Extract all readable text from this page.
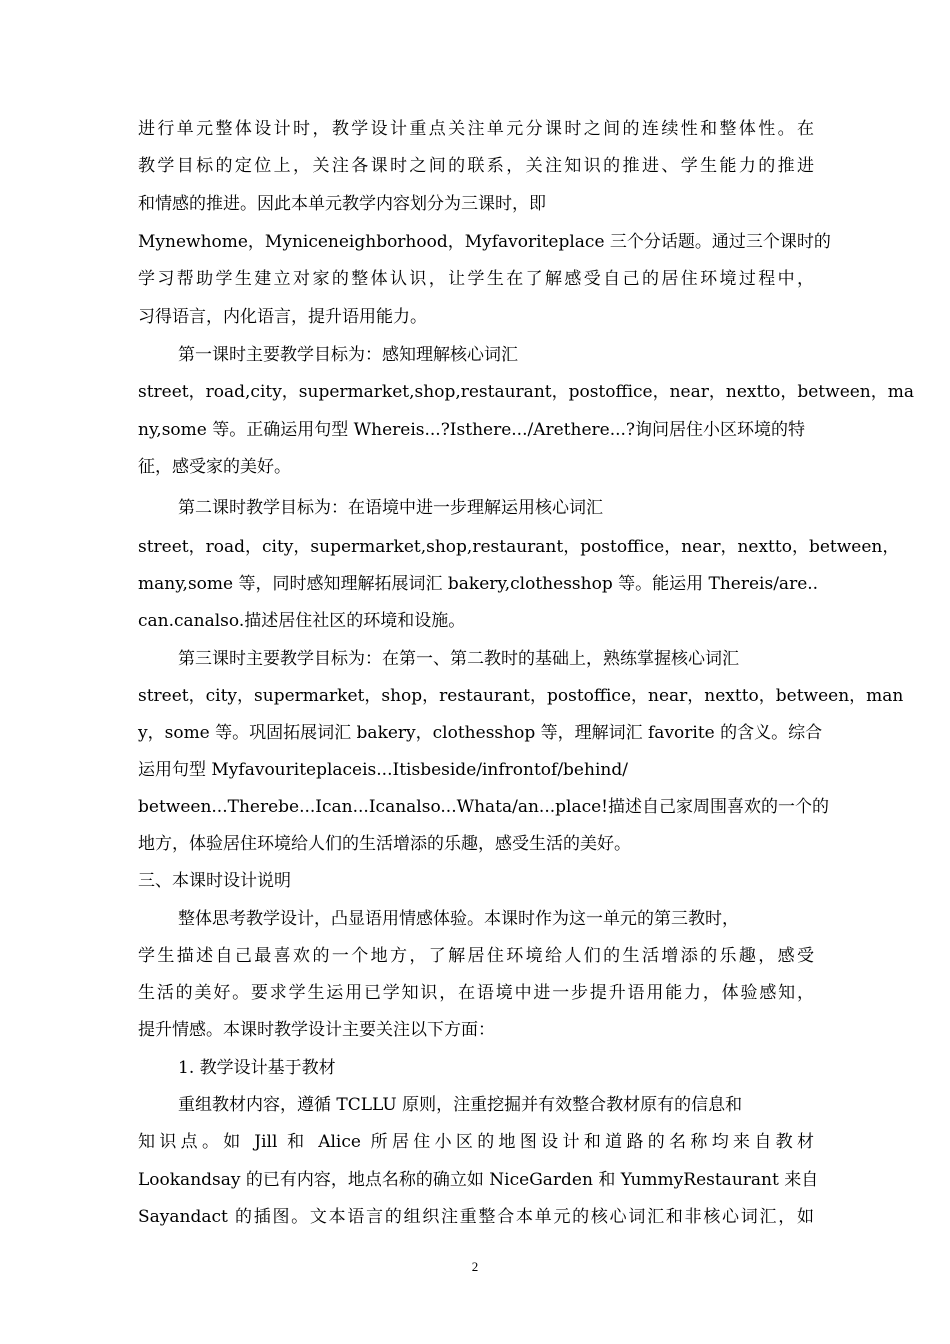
进行单元整体设计时，教学设计重点关注单元分课时之间的连续性和整体性。在
教学目标的定位上，关注各课时之间的联系，关注知识的推进、学生能力的推进
和情感的推进。因此本单元教学内容划分为三课时，即
Mynewhome，Myniceneighborhood，Myfavoriteplace 三个分话题。通过三个课时的
学习帮助学生建立对家的整体认识，让学生在了解感受自己的居住环境过程中，
习得语言，内化语言，提升语用能力。
第一课时主要教学目标为：感知理解核心词汇
street，road,city，supermarket,shop,restaurant，postoffice，near，nextto，between，ma
ny,some 等。正确运用句型 Whereis...?Isthere.../Arethere...?询问居住小区环境的特
征，感受家的美好。
第二课时教学目标为：在语境中进一步理解运用核心词汇
street，road，city，supermarket,shop,restaurant，postoffice，near，nextto，between，
many,some 等，同时感知理解拓展词汇 bakery,clothesshop 等。能运用 Thereis/are..
can.canalso.描述居住社区的环境和设施。
第三课时主要教学目标为：在第一、第二教时的基础上，熟练掌握核心词汇
street，city，supermarket，shop，restaurant，postoffice，near，nextto，between，man
y，some 等。巩固拓展词汇 bakery，clothesshop 等，理解词汇 favorite 的含义。综合
运用句型 Myfavouriteplaceis...Itisbeside/infrontof/behind/
between...Therebe...Ican...Icanalso...Whata/an...place!描述自己家周围喜欢的一个的
地方，体验居住环境给人们的生活增添的乐趣，感受生活的美好。
三、本课时设计说明
整体思考教学设计，凸显语用情感体验。本课时作为这一单元的第三教时，
学生描述自己最喜欢的一个地方，了解居住环境给人们的生活增添的乐趣，感受
生活的美好。要求学生运用已学知识，在语境中进一步提升语用能力，体验感知，
提升情感。本课时教学设计主要关注以下方面：
1. 教学设计基于教材
重组教材内容，遵循 TCLLU 原则，注重挖掘并有效整合教材原有的信息和
知识点。如 Jill 和 Alice 所居住小区的地图设计和道路的名称均来自教材
Lookandsay 的已有内容，地点名称的确立如 NiceGarden 和 YummyRestaurant 来自
Sayandact 的插图。文本语言的组织注重整合本单元的核心词汇和非核心词汇，如
2
